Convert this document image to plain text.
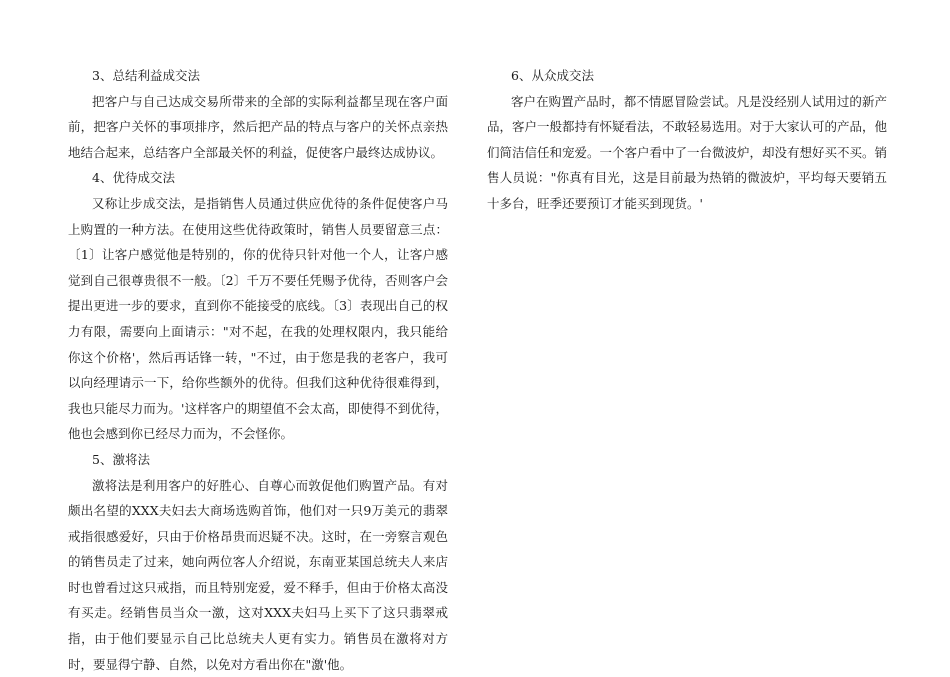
3、总结利益成交法

把客户与自己达成交易所带来的全部的实际利益都呈现在客户面前，把客户关怀的事项排序，然后把产品的特点与客户的关怀点亲热地结合起来，总结客户全部最关怀的利益，促使客户最终达成协议。

4、优待成交法

又称让步成交法，是指销售人员通过供应优待的条件促使客户马上购置的一种方法。在使用这些优待政策时，销售人员要留意三点：〔1〕让客户感觉他是特别的，你的优待只针对他一个人，让客户感觉到自己很尊贵很不一般。〔2〕千万不要任凭赐予优待，否则客户会提出更进一步的要求，直到你不能接受的底线。〔3〕表现出自己的权力有限，需要向上面请示："对不起，在我的处理权限内，我只能给你这个价格'，然后再话锋一转，"不过，由于您是我的老客户，我可以向经理请示一下，给你些额外的优待。但我们这种优待很难得到，我也只能尽力而为。'这样客户的期望值不会太高，即使得不到优待，他也会感到你已经尽力而为，不会怪你。

5、激将法

激将法是利用客户的好胜心、自尊心而敦促他们购置产品。有对颇出名望的XXX夫妇去大商场选购首饰，他们对一只9万美元的翡翠戒指很感爱好，只由于价格昂贵而迟疑不决。这时，在一旁察言观色的销售员走了过来，她向两位客人介绍说，东南亚某国总统夫人来店时也曾看过这只戒指，而且特别宠爱，爱不释手，但由于价格太高没有买走。经销售员当众一激，这对XXX夫妇马上买下了这只翡翠戒指，由于他们要显示自己比总统夫人更有实力。销售员在激将对方时，要显得宁静、自然，以免对方看出你在"激'他。

6、从众成交法

客户在购置产品时，都不情愿冒险尝试。凡是没经别人试用过的新产品，客户一般都持有怀疑看法，不敢轻易选用。对于大家认可的产品，他们简洁信任和宠爱。一个客户看中了一台微波炉，却没有想好买不买。销售人员说："你真有目光，这是目前最为热销的微波炉，平均每天要销五十多台，旺季还要预订才能买到现货。'
